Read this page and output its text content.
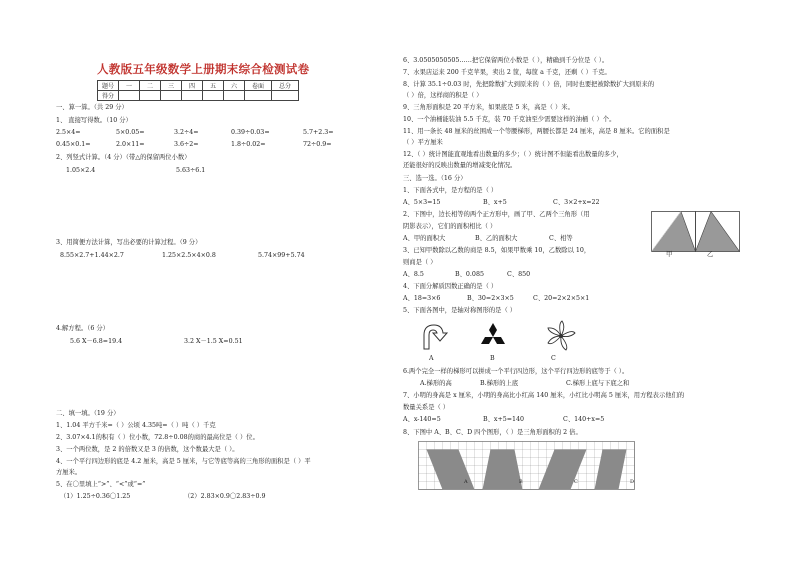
人教版五年级数学上册期末综合检测试卷
题号	一	二	三	四	五	六	卷面	总分
得分								
一、算一算。（共 29 分）
1、 直接写得数。（10 分）
2.5×4=	5×0.05=	3.2÷4=	0.39÷0.03=	5.7+2.3=
0.45×0.1=	2.0×11=	3.6÷2=	1.8÷0.02=	72÷0.9=
2、列竖式计算。（4 分）（带△的保留两位小数）
1.05×2.4	5.63÷6.1
3、用简便方法计算，写出必要的计算过程。（9 分）
8.55×2.7+1.44×2.7	1.25×2.5×4×0.8	5.74×99+5.74
4.解方程。（6 分）
5.6 X－6.8=19.4	3.2 X－1.5 X=0.51
二、填一填。（19 分）
1、1.04 平方千米=（ ）公顷 4.35吨=（ ）吨（ ）千克
2、3.07×4.1的积有（ ）位小数，72.8÷0.08的商的最高位是（ ）位。
3、一个两位数，是 2 的倍数又是 3 的倍数，这个数最大是（ ）。
4、一个平行四边形的底是 4.2 厘米，高是 5 厘米，与它等底等高的三角形的面积是（ ）平
方厘米。
5、在〇里填上“>”、“<”或“=”
（1）1.25÷0.36〇1.25	（2）2.83×0.9〇2.83÷0.9
6、3.0505050505……把它保留两位小数是（ ），精确到千分位是（ ）。
7、水果店运来 200 千克苹果，卖出 2 筐，每筐 a 千克，还剩（ ）千克。
8、计算 35.1÷0.03 时，先把除数扩大到原来的（ ）倍，同时也要把被除数扩大到原来的
（ ）倍，这样商的积是（ ）
9、三角形面积是 20 平方米，如果底是 5 米，高是（ ）米。
10、一个油桶能装油 5.5 千克，装 70 千克油至少需要这样的油桶（ ）个。
11、用一条长 48 厘米的丝围成一个等腰梯形，两腰长都是 24 厘米，高是 8 厘米。它的面积是
（ ）平方厘米
12、（ ）统计图能直观地看出数量的多少；（ ）统计图不但能看出数量的多少，
还能很好的反映出数量的增减变化情况。
三、选一选。（16 分）
1、下面各式中，是方程的是（ ）
A、5×3=15	B、x+5	C、3×2+x=22
2、下图中，边长相等的两个正方形中，画了甲、乙两个三角形（用
阴影表示），它们的面积相比（ ）
A、甲的面积大	B、乙的面积大	C、相等
甲	乙
3、已知甲数除以乙数的商是 8.5，如果甲数乘 10，乙数除以 10，
则商是（ ）
A、8.5	B、0.085	C、850
4、下面分解质因数正确的是（ ）
A、18=3×6	B、30=2×3×5	C、20=2×2×5×1
5、下面各图中，是轴对称图形的是（ ）
A	B	C
6.两个完全一样的梯形可以拼成一个平行四边形，这个平行四边形的底等于（ ）。
A.梯形的高	B.梯形的上底	C.梯形上底与下底之和
7、小明的身高是 x 厘米，小明的身高比小红高 140 厘米，小红比小明高 5 厘米，用方程表示他们的
数量关系是（ ）
A、x-140=5	B、x+5=140	C、140+x=5
8、下图中 A、B、C、D 四个图形，（ ）是三角形面积的 2 倍。
A	B	C	D
